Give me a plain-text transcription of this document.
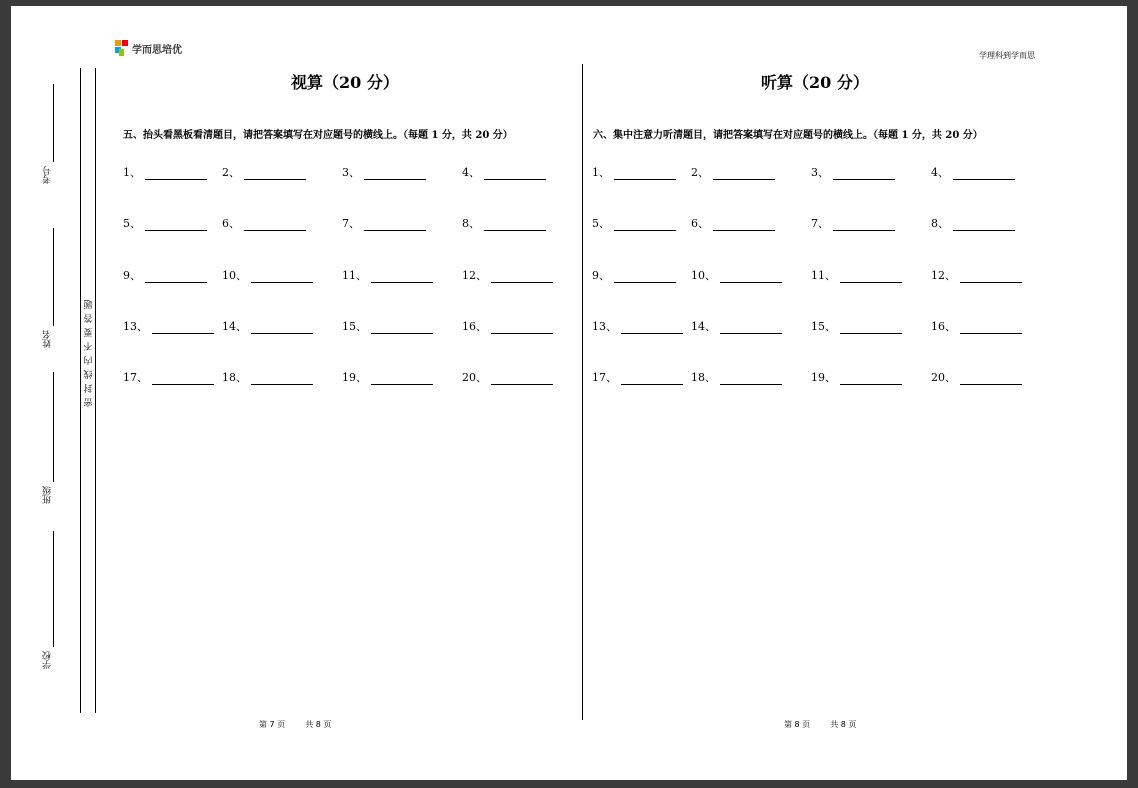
学而思培优	学理科到学而思
考号
姓名
班级
学校
密
封
线
内
不
要
答
题
视算（20 分）
五、抬头看黑板看清题目，请把答案填写在对应题号的横线上。（每题 1 分，共 20 分）
1、	2、	3、	4、
5、	6、	7、	8、
9、	10、	11、	12、
13、	14、	15、	16、
17、	18、	19、	20、
第 7 页	共 8 页
听算（20 分）
六、集中注意力听清题目，请把答案填写在对应题号的横线上。（每题 1 分，共 20 分）
1、	2、	3、	4、
5、	6、	7、	8、
9、	10、	11、	12、
13、	14、	15、	16、
17、	18、	19、	20、
第 8 页	共 8 页
